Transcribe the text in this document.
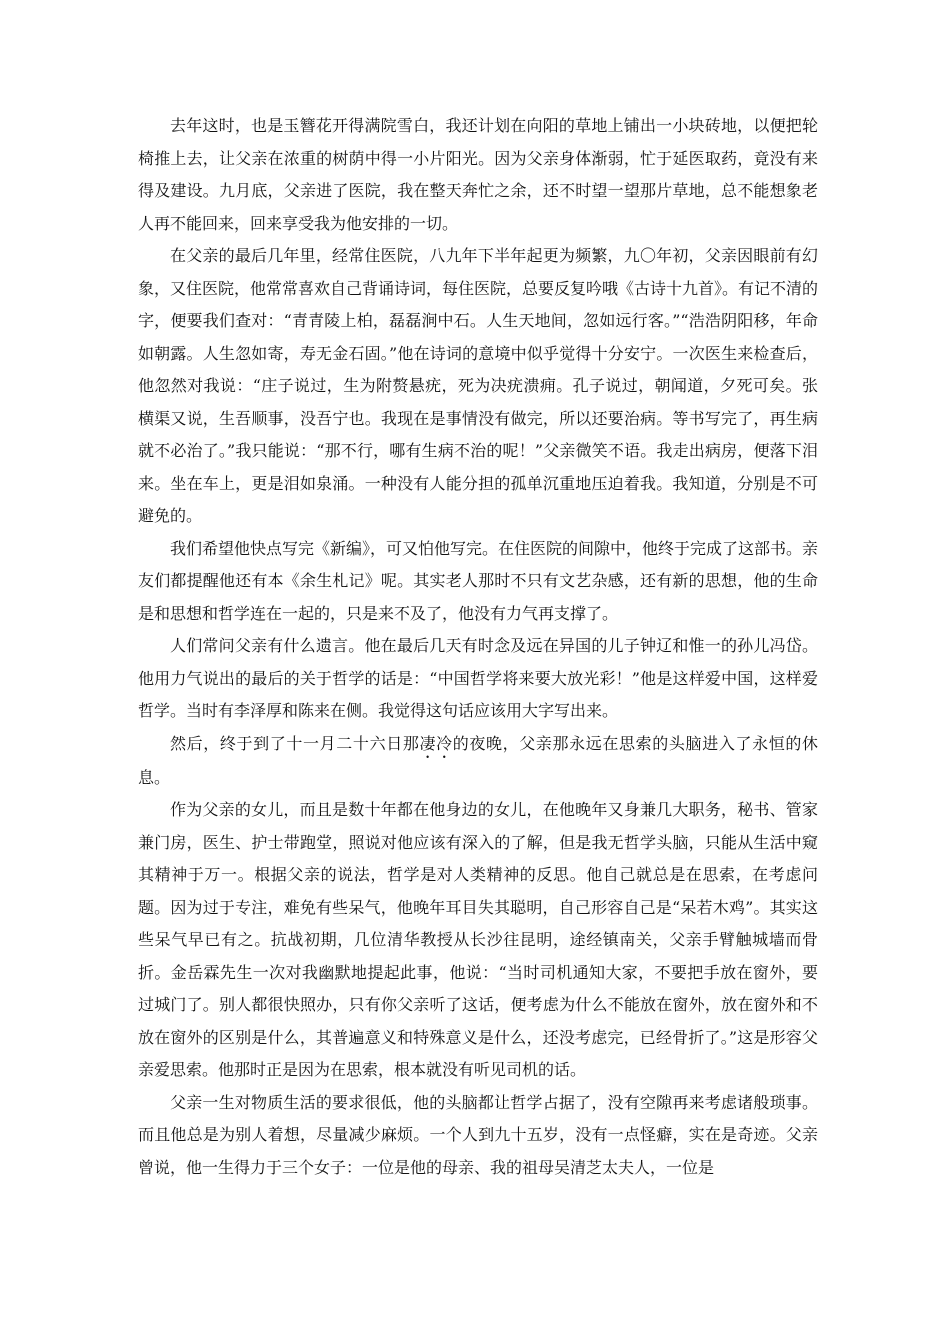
去年这时，也是玉簪花开得满院雪白，我还计划在向阳的草地上铺出一小块砖地，以便把轮椅推上去，让父亲在浓重的树荫中得一小片阳光。因为父亲身体渐弱，忙于延医取药，竟没有来得及建设。九月底，父亲进了医院，我在整天奔忙之余，还不时望一望那片草地，总不能想象老人再不能回来，回来享受我为他安排的一切。

在父亲的最后几年里，经常住医院，八九年下半年起更为频繁，九〇年初，父亲因眼前有幻象，又住医院，他常常喜欢自己背诵诗词，每住医院，总要反复吟哦《古诗十九首》。有记不清的字，便要我们查对：“青青陵上柏，磊磊涧中石。人生天地间，忽如远行客。”“浩浩阴阳移，年命如朝露。人生忽如寄，寿无金石固。”他在诗词的意境中似乎觉得十分安宁。一次医生来检查后，他忽然对我说：“庄子说过，生为附赘悬疣，死为决疣溃痈。孔子说过，朝闻道，夕死可矣。张横渠又说，生吾顺事，没吾宁也。我现在是事情没有做完，所以还要治病。等书写完了，再生病就不必治了。”我只能说：“那不行，哪有生病不治的呢！”父亲微笑不语。我走出病房，便落下泪来。坐在车上，更是泪如泉涌。一种没有人能分担的孤单沉重地压迫着我。我知道，分别是不可避免的。

我们希望他快点写完《新编》，可又怕他写完。在住医院的间隙中，他终于完成了这部书。亲友们都提醒他还有本《余生札记》呢。其实老人那时不只有文艺杂感，还有新的思想，他的生命是和思想和哲学连在一起的，只是来不及了，他没有力气再支撑了。

人们常问父亲有什么遗言。他在最后几天有时念及远在异国的儿子钟辽和惟一的孙儿冯岱。他用力气说出的最后的关于哲学的话是：“中国哲学将来要大放光彩！”他是这样爱中国，这样爱哲学。当时有李泽厚和陈来在侧。我觉得这句话应该用大字写出来。

然后，终于到了十一月二十六日那凄冷的夜晚，父亲那永远在思索的头脑进入了永恒的休息。

作为父亲的女儿，而且是数十年都在他身边的女儿，在他晚年又身兼几大职务，秘书、管家兼门房，医生、护士带跑堂，照说对他应该有深入的了解，但是我无哲学头脑，只能从生活中窥其精神于万一。根据父亲的说法，哲学是对人类精神的反思。他自己就总是在思索，在考虑问题。因为过于专注，难免有些呆气，他晚年耳目失其聪明，自己形容自己是“呆若木鸡”。其实这些呆气早已有之。抗战初期，几位清华教授从长沙往昆明，途经镇南关，父亲手臂触城墙而骨折。金岳霖先生一次对我幽默地提起此事，他说：“当时司机通知大家，不要把手放在窗外，要过城门了。别人都很快照办，只有你父亲听了这话，便考虑为什么不能放在窗外，放在窗外和不放在窗外的区别是什么，其普遍意义和特殊意义是什么，还没考虑完，已经骨折了。”这是形容父亲爱思索。他那时正是因为在思索，根本就没有听见司机的话。

父亲一生对物质生活的要求很低，他的头脑都让哲学占据了，没有空隙再来考虑诸般琐事。而且他总是为别人着想，尽量减少麻烦。一个人到九十五岁，没有一点怪癖，实在是奇迹。父亲曾说，他一生得力于三个女子：一位是他的母亲、我的祖母吴清芝太夫人，一位是
